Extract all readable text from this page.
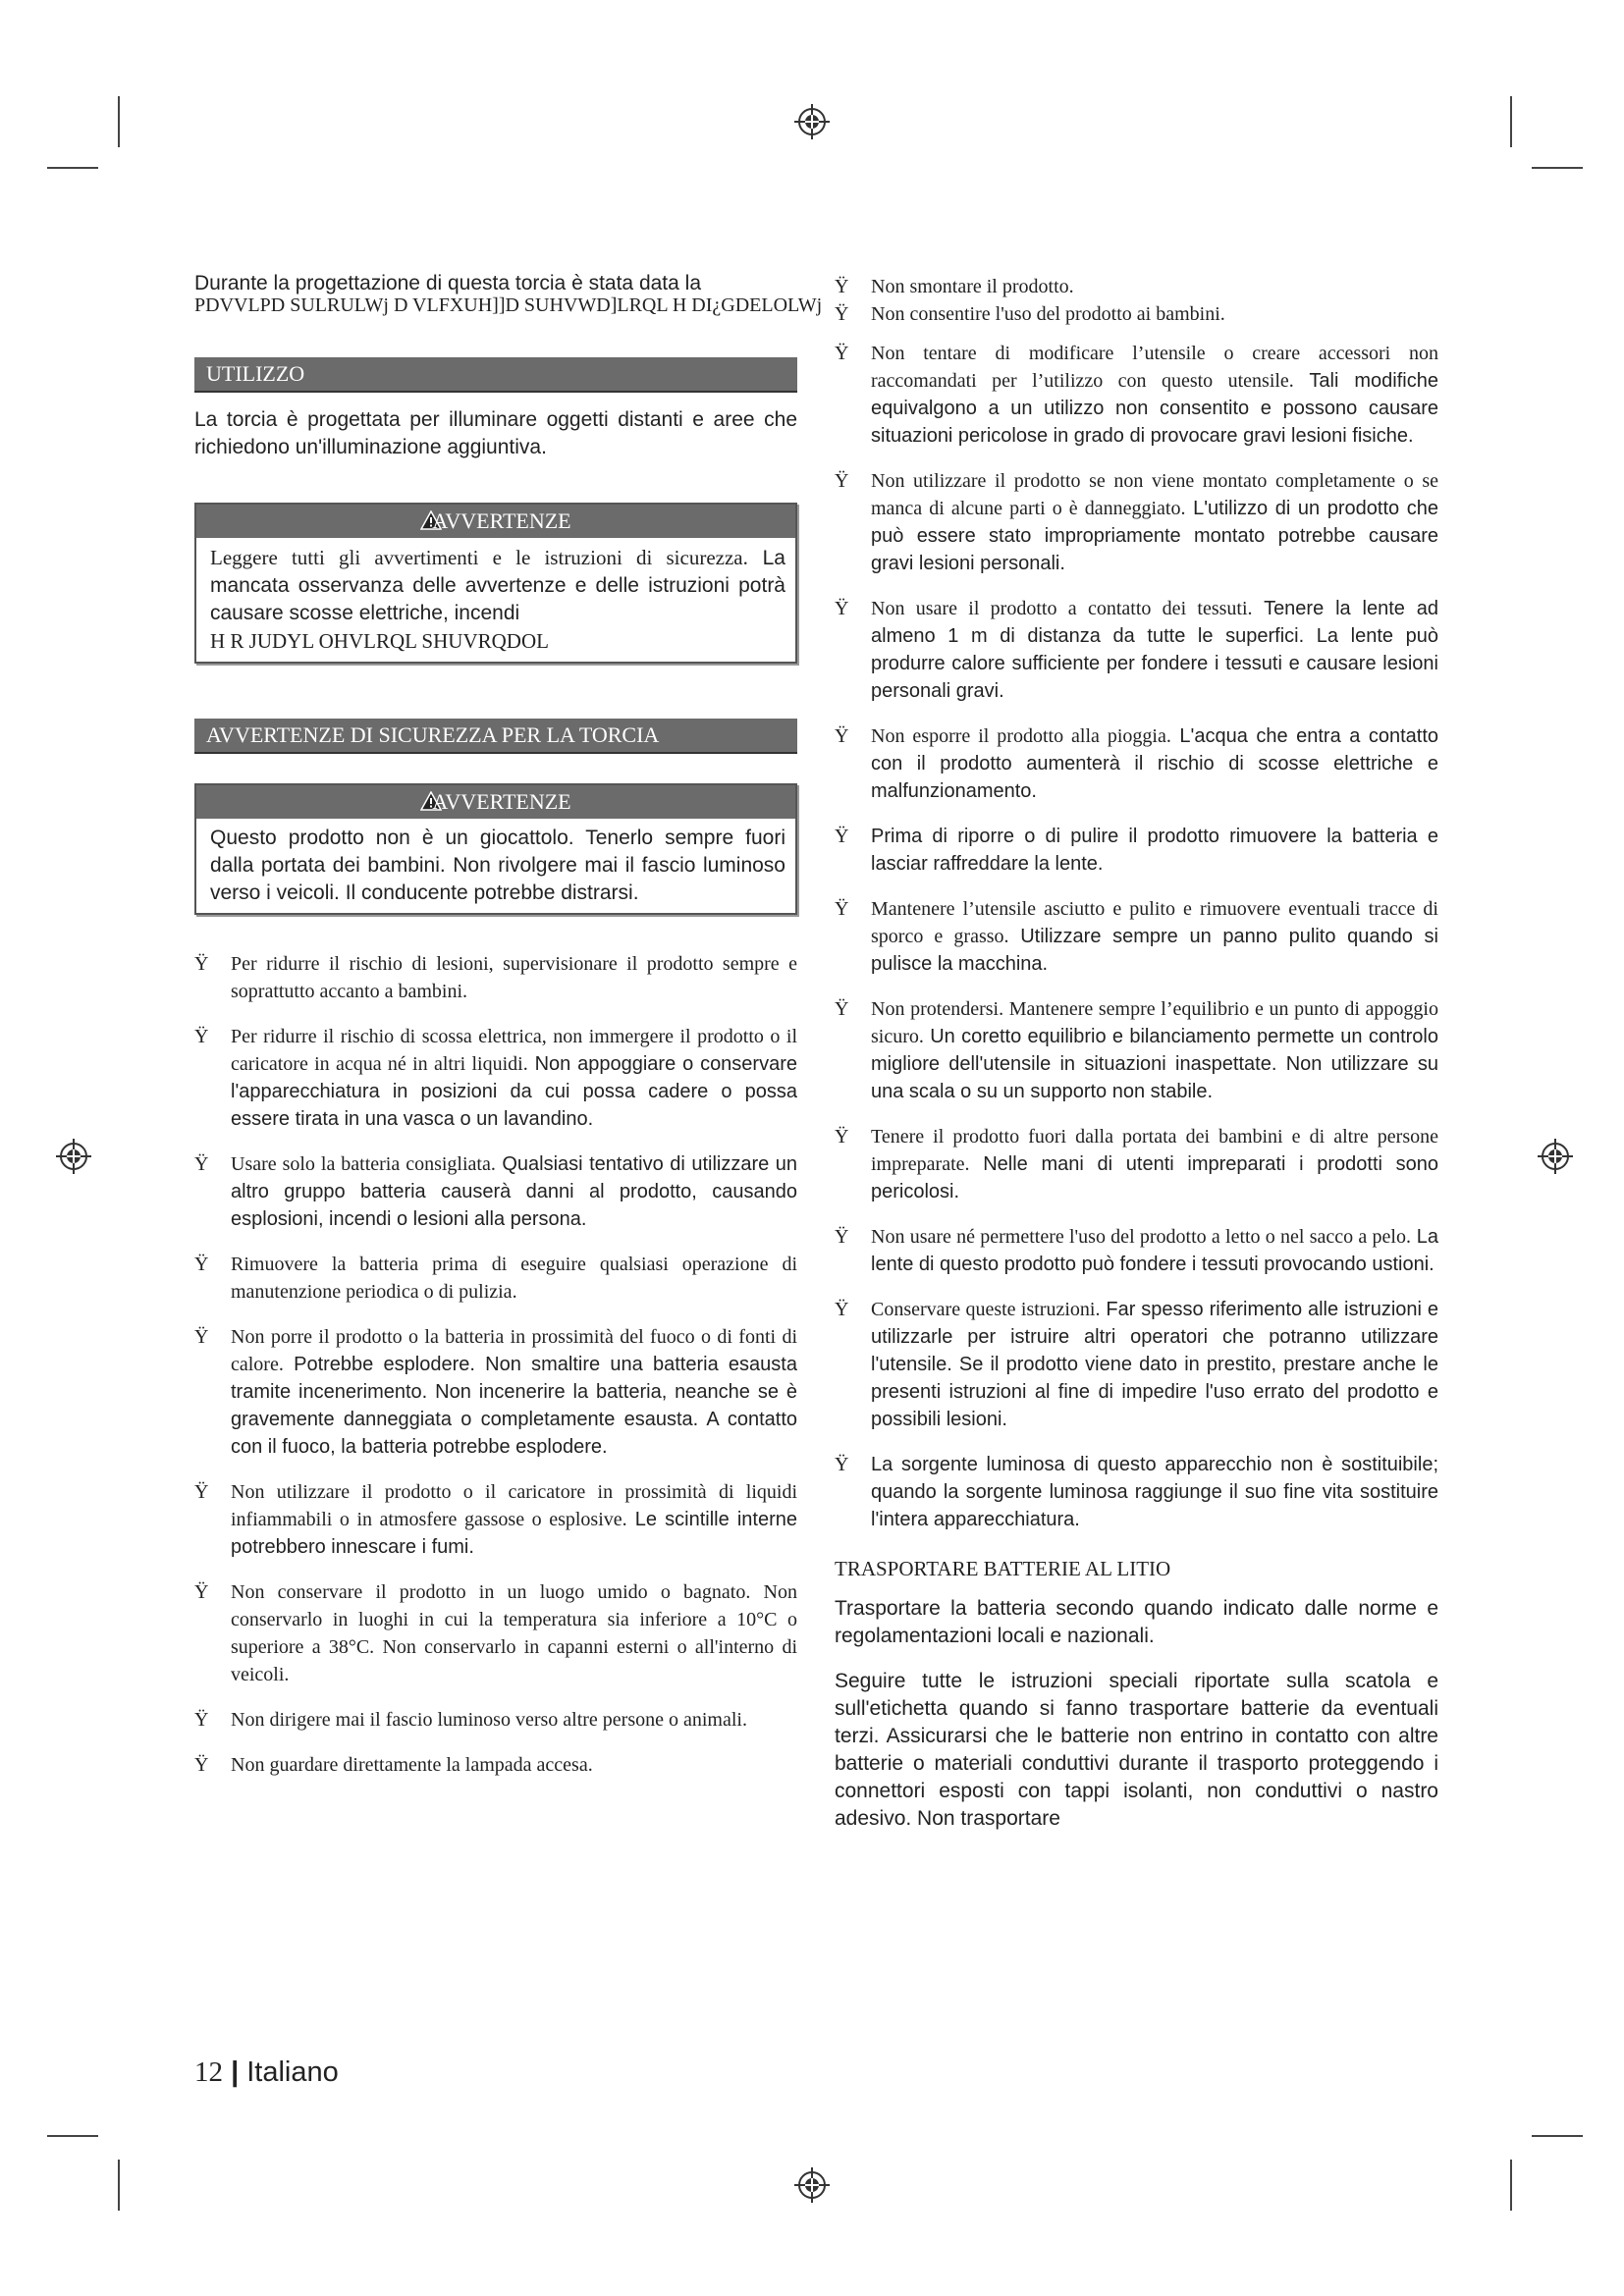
Durante la progettazione di questa torcia è stata data la

PDVVLPD SULRULWj D VLFXUH]]D SUHVWD]LRQL H DI¿GDELOLWj

UTILIZZO

La torcia è progettata per illuminare oggetti distanti e aree che richiedono un'illuminazione aggiuntiva.

AVVERTENZE
Leggere tutti gli avvertimenti e le istruzioni di sicurezza. La mancata osservanza delle avvertenze e delle istruzioni potrà causare scosse elettriche, incendi
H R JUDYL OHVLRQL SHUVRQDOL
AVVERTENZE DI SICUREZZA PER LA TORCIA
AVVERTENZE
Questo prodotto non è un giocattolo. Tenerlo sempre fuori dalla portata dei bambini. Non rivolgere mai il fascio luminoso verso i veicoli. Il conducente potrebbe distrarsi.
Ÿ Per ridurre il rischio di lesioni, supervisionare il prodotto sempre e soprattutto accanto a bambini.
Ÿ Per ridurre il rischio di scossa elettrica, non immergere il prodotto o il caricatore in acqua né in altri liquidi. Non appoggiare o conservare l'apparecchiatura in posizioni da cui possa cadere o possa essere tirata in una vasca o un lavandino.
Ÿ Usare solo la batteria consigliata. Qualsiasi tentativo di utilizzare un altro gruppo batteria causerà danni al prodotto, causando esplosioni, incendi o lesioni alla persona.
Ÿ Rimuovere la batteria prima di eseguire qualsiasi operazione di manutenzione periodica o di pulizia.
Ÿ Non porre il prodotto o la batteria in prossimità del fuoco o di fonti di calore. Potrebbe esplodere. Non smaltire una batteria esausta tramite incenerimento. Non incenerire la batteria, neanche se è gravemente danneggiata o completamente esausta. A contatto con il fuoco, la batteria potrebbe esplodere.
Ÿ Non utilizzare il prodotto o il caricatore in prossimità di liquidi infiammabili o in atmosfere gassose o esplosive. Le scintille interne potrebbero innescare i fumi.
Ÿ Non conservare il prodotto in un luogo umido o bagnato. Non conservarlo in luoghi in cui la temperatura sia inferiore a 10°C o superiore a 38°C. Non conservarlo in capanni esterni o all'interno di veicoli.
Ÿ Non dirigere mai il fascio luminoso verso altre persone o animali.
Ÿ Non guardare direttamente la lampada accesa.
Ÿ Non smontare il prodotto.
Ÿ Non consentire l'uso del prodotto ai bambini.
Ÿ Non tentare di modificare l’utensile o creare accessori non raccomandati per l’utilizzo con questo utensile. Tali modifiche equivalgono a un utilizzo non consentito e possono causare situazioni pericolose in grado di provocare gravi lesioni fisiche.
Ÿ Non utilizzare il prodotto se non viene montato completamente o se manca di alcune parti o è danneggiato. L'utilizzo di un prodotto che può essere stato impropriamente montato potrebbe causare gravi lesioni personali.
Ÿ Non usare il prodotto a contatto dei tessuti. Tenere la lente ad almeno 1 m di distanza da tutte le superfici. La lente può produrre calore sufficiente per fondere i tessuti e causare lesioni personali gravi.
Ÿ Non esporre il prodotto alla pioggia. L'acqua che entra a contatto con il prodotto aumenterà il rischio di scosse elettriche e malfunzionamento.
Ÿ Prima di riporre o di pulire il prodotto rimuovere la batteria e lasciar raffreddare la lente.
Ÿ Mantenere l’utensile asciutto e pulito e rimuovere eventuali tracce di sporco e grasso. Utilizzare sempre un panno pulito quando si pulisce la macchina.
Ÿ Non protendersi. Mantenere sempre l’equilibrio e un punto di appoggio sicuro. Un coretto equilibrio e bilanciamento permette un controlo migliore dell'utensile in situazioni inaspettate. Non utilizzare su una scala o su un supporto non stabile.
Ÿ Tenere il prodotto fuori dalla portata dei bambini e di altre persone impreparate. Nelle mani di utenti impreparati i prodotti sono pericolosi.
Ÿ Non usare né permettere l'uso del prodotto a letto o nel sacco a pelo. La lente di questo prodotto può fondere i tessuti provocando ustioni.
Ÿ Conservare queste istruzioni. Far spesso riferimento alle istruzioni e utilizzarle per istruire altri operatori che potranno utilizzare l'utensile. Se il prodotto viene dato in prestito, prestare anche le presenti istruzioni al fine di impedire l'uso errato del prodotto e possibili lesioni.
Ÿ La sorgente luminosa di questo apparecchio non è sostituibile; quando la sorgente luminosa raggiunge il suo fine vita sostituire l'intera apparecchiatura.
TRASPORTARE BATTERIE AL LITIO

Trasportare la batteria secondo quando indicato dalle norme e regolamentazioni locali e nazionali.

Seguire tutte le istruzioni speciali riportate sulla scatola e sull'etichetta quando si fanno trasportare batterie da eventuali terzi. Assicurarsi che le batterie non entrino in contatto con altre batterie o materiali conduttivi durante il trasporto proteggendo i connettori esposti con tappi isolanti, non conduttivi o nastro adesivo. Non trasportare

12 | Italiano
